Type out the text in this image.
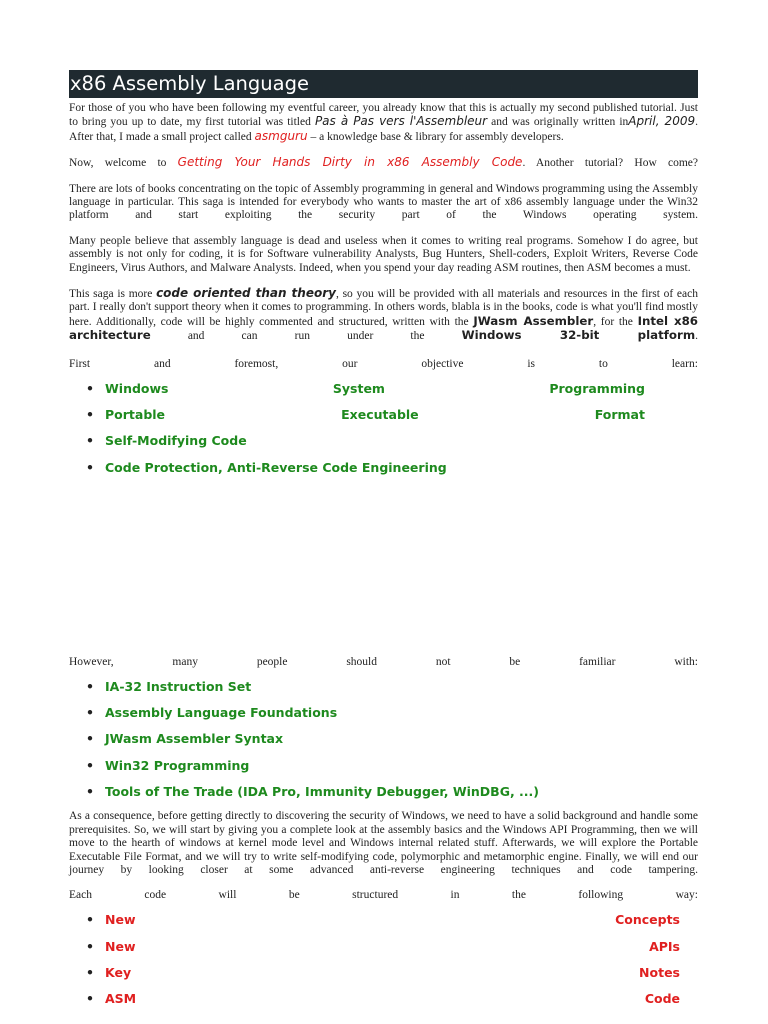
x86 Assembly Language

For those of you who have been following my eventful career, you already know that this is actually my second published tutorial. Just to bring you up to date, my first tutorial was titled Pas à Pas vers l'Assembleur and was originally written inApril, 2009. After that, I made a small project called asmguru – a knowledge base & library for assembly developers.

Now, welcome to Getting Your Hands Dirty in x86 Assembly Code. Another tutorial? How come?

There are lots of books concentrating on the topic of Assembly programming in general and Windows programming using the Assembly language in particular. This saga is intended for everybody who wants to master the art of x86 assembly language under the Win32 platform and start exploiting the security part of the Windows operating system.

Many people believe that assembly language is dead and useless when it comes to writing real programs. Somehow I do agree, but assembly is not only for coding, it is for Software vulnerability Analysts, Bug Hunters, Shell-coders, Exploit Writers, Reverse Code Engineers, Virus Authors, and Malware Analysts. Indeed, when you spend your day reading ASM routines, then ASM becomes a must.

This saga is more code oriented than theory, so you will be provided with all materials and resources in the first of each part. I really don't support theory when it comes to programming. In others words, blabla is in the books, code is what you'll find mostly here. Additionally, code will be highly commented and structured, written with the JWasm Assembler, for the Intel x86 architecture and can run under the Windows 32-bit platform.

First	and	foremost,	our	objective	is	to	learn:
• Windows	System	Programming
• Portable	Executable	Format
• Self-Modifying Code
• Code Protection, Anti-Reverse Code Engineering
However,	many	people	should	not	be	familiar	with:
• IA-32 Instruction Set
• Assembly Language Foundations
• JWasm Assembler Syntax
• Win32 Programming
• Tools of The Trade (IDA Pro, Immunity Debugger, WinDBG, ...)

As a consequence, before getting directly to discovering the security of Windows, we need to have a solid background and handle some prerequisites. So, we will start by giving you a complete look at the assembly basics and the Windows API Programming, then we will move to the hearth of windows at kernel mode level and Windows internal related stuff. Afterwards, we will explore the Portable Executable File Format, and we will try to write self-modifying code, polymorphic and metamorphic engine. Finally, we will end our journey by looking closer at some advanced anti-reverse engineering techniques and code tampering.

Each	code	will	be	structured	in	the	following	way:
• New	Concepts
• New	APIs
• Key	Notes
• ASM	Code
